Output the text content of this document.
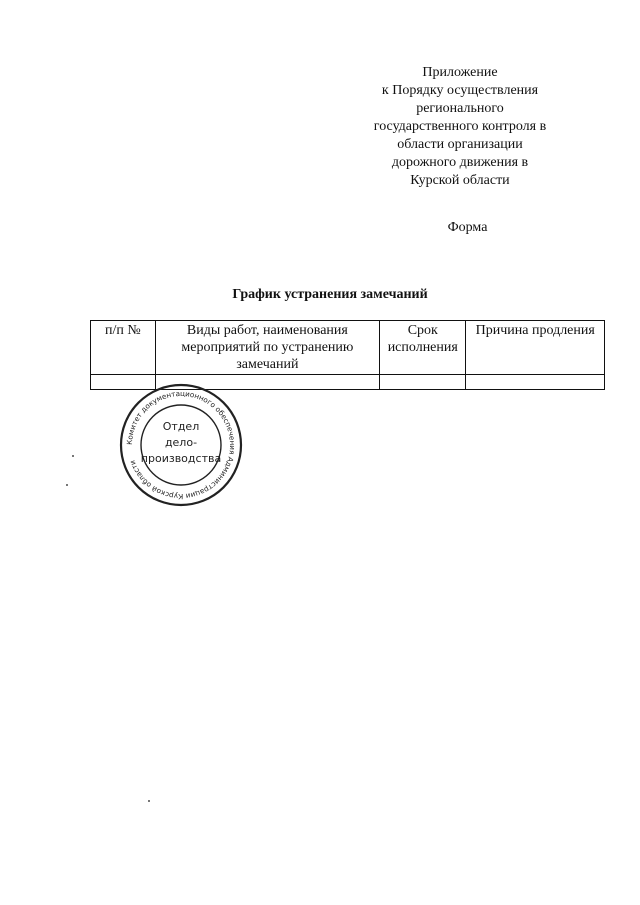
Приложение
к Порядку осуществления
регионального
государственного контроля в
области организации
дорожного движения в
Курской области
Форма
График устранения замечаний
п/п №	Виды работ, наименования мероприятий по устранению замечаний	Срок исполнения	Причина продления

Комитет документационного обеспечения Администрации Курской области
Отдел
дело-
производства
